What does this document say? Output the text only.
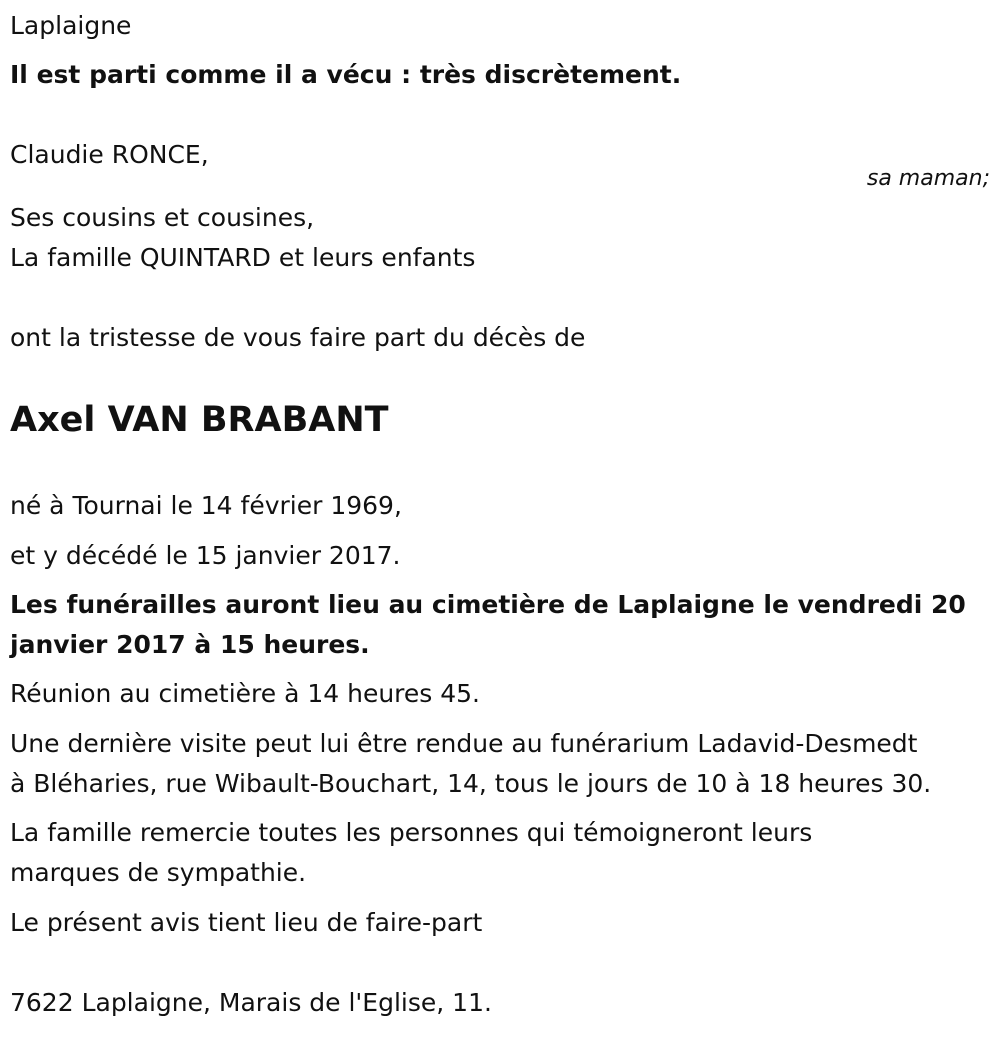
Laplaigne
Il est parti comme il a vécu : très discrètement.
Claudie RONCE,
sa maman;
Ses cousins et cousines,
La famille QUINTARD et leurs enfants
ont la tristesse de vous faire part du décès de
Axel VAN BRABANT
né à Tournai le 14 février 1969,
et y décédé le 15 janvier 2017.
Les funérailles auront lieu au cimetière de Laplaigne le vendredi 20
janvier 2017 à 15 heures.
Réunion au cimetière à 14 heures 45.
Une dernière visite peut lui être rendue au funérarium Ladavid-Desmedt
à Bléharies, rue Wibault-Bouchart, 14, tous le jours de 10 à 18 heures 30.
La famille remercie toutes les personnes qui témoigneront leurs
marques de sympathie.
Le présent avis tient lieu de faire-part
7622 Laplaigne, Marais de l'Eglise, 11.
